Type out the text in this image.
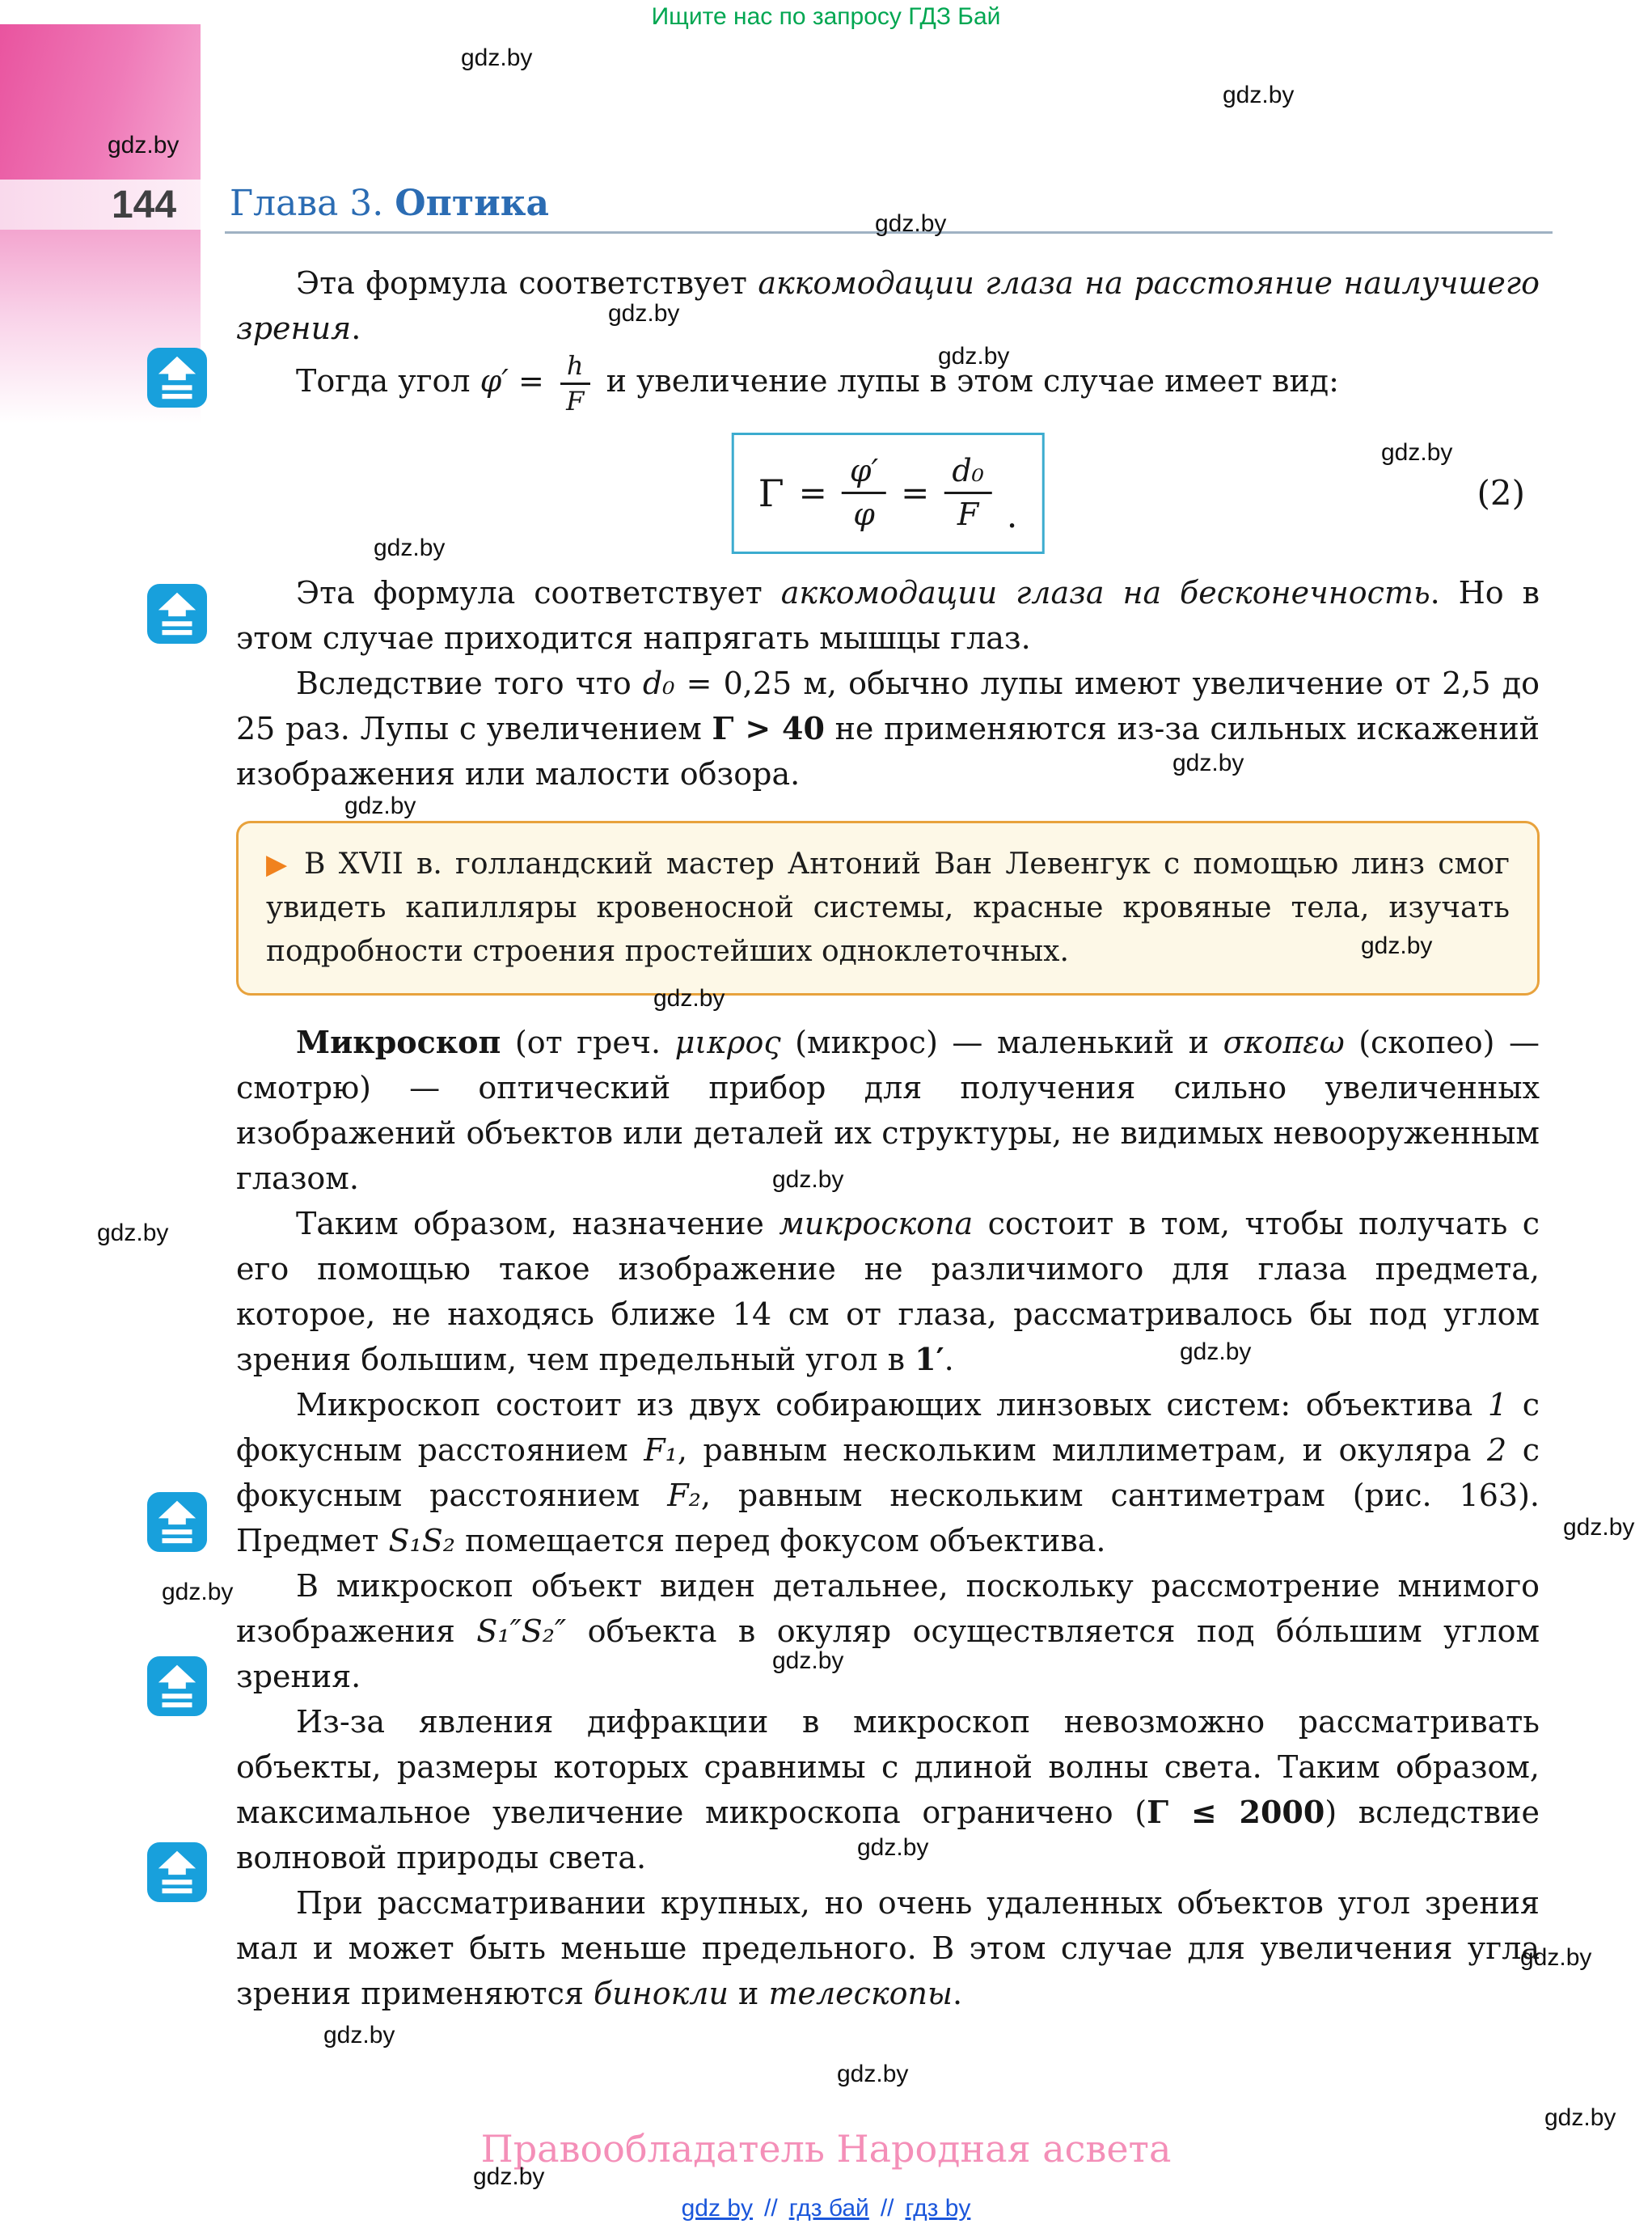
Ищите нас по запросу ГДЗ Бай
144	Глава 3. Оптика

Эта формула соответствует аккомодации глаза на расстояние наилучшего зрения.

Тогда угол $\varphi' = \frac{h}{F}$ и увеличение лупы в этом случае имеет вид:

$\Gamma = \frac{\varphi'}{\varphi} = \frac{\text{d₀}}{F}$ .
(2)

Эта формула соответствует аккомодации глаза на бесконечность. Но в этом случае приходится напрягать мышцы глаз.

Вследствие того что d₀ = 0,25 м, обычно лупы имеют увеличение от 2,5 до 25 раз. Лупы с увеличением Γ > 40 не применяются из-за сильных искажений изображения или малости обзора.

▶ В XVII в. голландский мастер Антоний Ван Левенгук с помощью линз смог увидеть капилляры кровеносной системы, красные кровяные тела, изучать подробности строения простейших одноклеточных.

Микроскоп (от греч. μικρος (микрос) — маленький и σκοπεω (скопео) — смотрю) — оптический прибор для получения сильно увеличенных изображений объектов или деталей их структуры, не видимых невооруженным глазом.

Таким образом, назначение микроскопа состоит в том, чтобы получать с его помощью такое изображение не различимого для глаза предмета, которое, не находясь ближе 14 см от глаза, рассматривалось бы под углом зрения большим, чем предельный угол в 1′.

Микроскоп состоит из двух собирающих линзовых систем: объектива 1 с фокусным расстоянием F₁, равным нескольким миллиметрам, и окуляра 2 с фокусным расстоянием F₂, равным нескольким сантиметрам (рис. 163). Предмет S₁S₂ помещается перед фокусом объектива.

В микроскоп объект виден детальнее, поскольку рассмотрение мнимого изображения S₁″S₂″ объекта в окуляр осуществляется под бо́льшим углом зрения.

Из-за явления дифракции в микроскоп невозможно рассматривать объекты, размеры которых сравнимы с длиной волны света. Таким образом, максимальное увеличение микроскопа ограничено (Γ ≤ 2000) вследствие волновой природы света.

При рассматривании крупных, но очень удаленных объектов угол зрения мал и может быть меньше предельного. В этом случае для увеличения угла зрения применяются бинокли и телескопы.

Правообладатель Народная асвета
gdz by // гдз бай // гдз by
gdz.by
gdz.by
gdz.by
gdz.by
gdz.by
gdz.by
gdz.by
gdz.by
gdz.by
gdz.by
gdz.by
gdz.by
gdz.by
gdz.by
gdz.by
gdz.by
gdz.by
gdz.by
gdz.by
gdz.by
gdz.by
gdz.by
gdz.by
gdz.by
